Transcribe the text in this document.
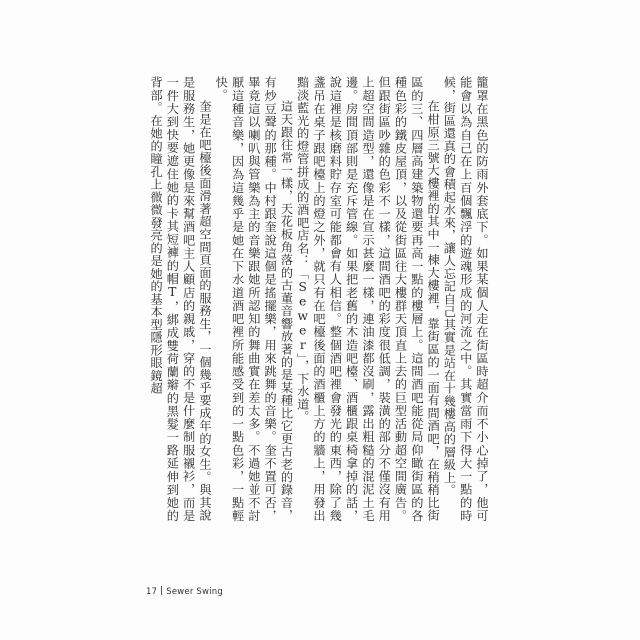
籠罩在黑色的防雨外套底下。如果某個人走在街區時超介而不小心掉了，他可能會以為自己在上百個飄浮的遊魂形成的河流之中。其實當雨下得大一點的時候，街區還真的會積起水來，讓人忘記自己其實是站在十幾樓高的層級上。

在柑原三號大樓裡的其中一棟大樓裡，靠街區的一面有間酒吧，在稍稍比街區的三、四層高建築物還要再高一點的樓層上。這間酒吧能從局仰瞰街區的各種色彩的鐵皮屋頂，以及從街區往大樓群天頂直上去的巨型活動超空間廣告。但跟街區吵雜的色彩不一樣，這間酒吧的彩度很低調，裝潢的部分不僅沒有用上超空間造型，還像是在宣示甚麼一樣，連油漆都沒刷，露出粗糙的混泥土毛邊。房間頂部則是充斥管線。如果把老舊的木造吧檯、酒櫃跟桌椅拿掉的話，說這裡是核磨料貯存室可能都會有人相信。整個酒吧裡會發光的東西，除了幾盞吊在桌子跟吧檯上的燈之外，就只有在吧檯後面的酒櫃上方的牆上，用發出黯淡藍光的燈管拼成的酒吧店名：「Sewer」，下水道。

這天跟往常一樣，天花板角落的古董音響放著的是某種比它更古老的錄音，有炒豆聲的那種。中村跟奎說這個是搖擺樂，用來跳舞的音樂。奎不置可否，畢竟這以喇叭與管樂為主的音樂跟她所認知的舞曲實在差太多。不過她並不討厭這種音樂，因為這幾乎是她在下水道酒吧裡所能感受到的一點色彩，一點輕快。

奎是在吧檯後面滑著超空間頁面的服務生，一個幾乎要成年的女生。與其說是服務生，她更像是來幫酒吧主人顧店的親戚，穿的不是什麼制服襯衫，而是一件大到快要遮住她的卡其短褲的帽T，綁成雙荷蘭辮的黑髮一路延伸到她的背部。在她的瞳孔上微微發亮的是她的基本型隱形眼鏡超

17 Sewer Swing
